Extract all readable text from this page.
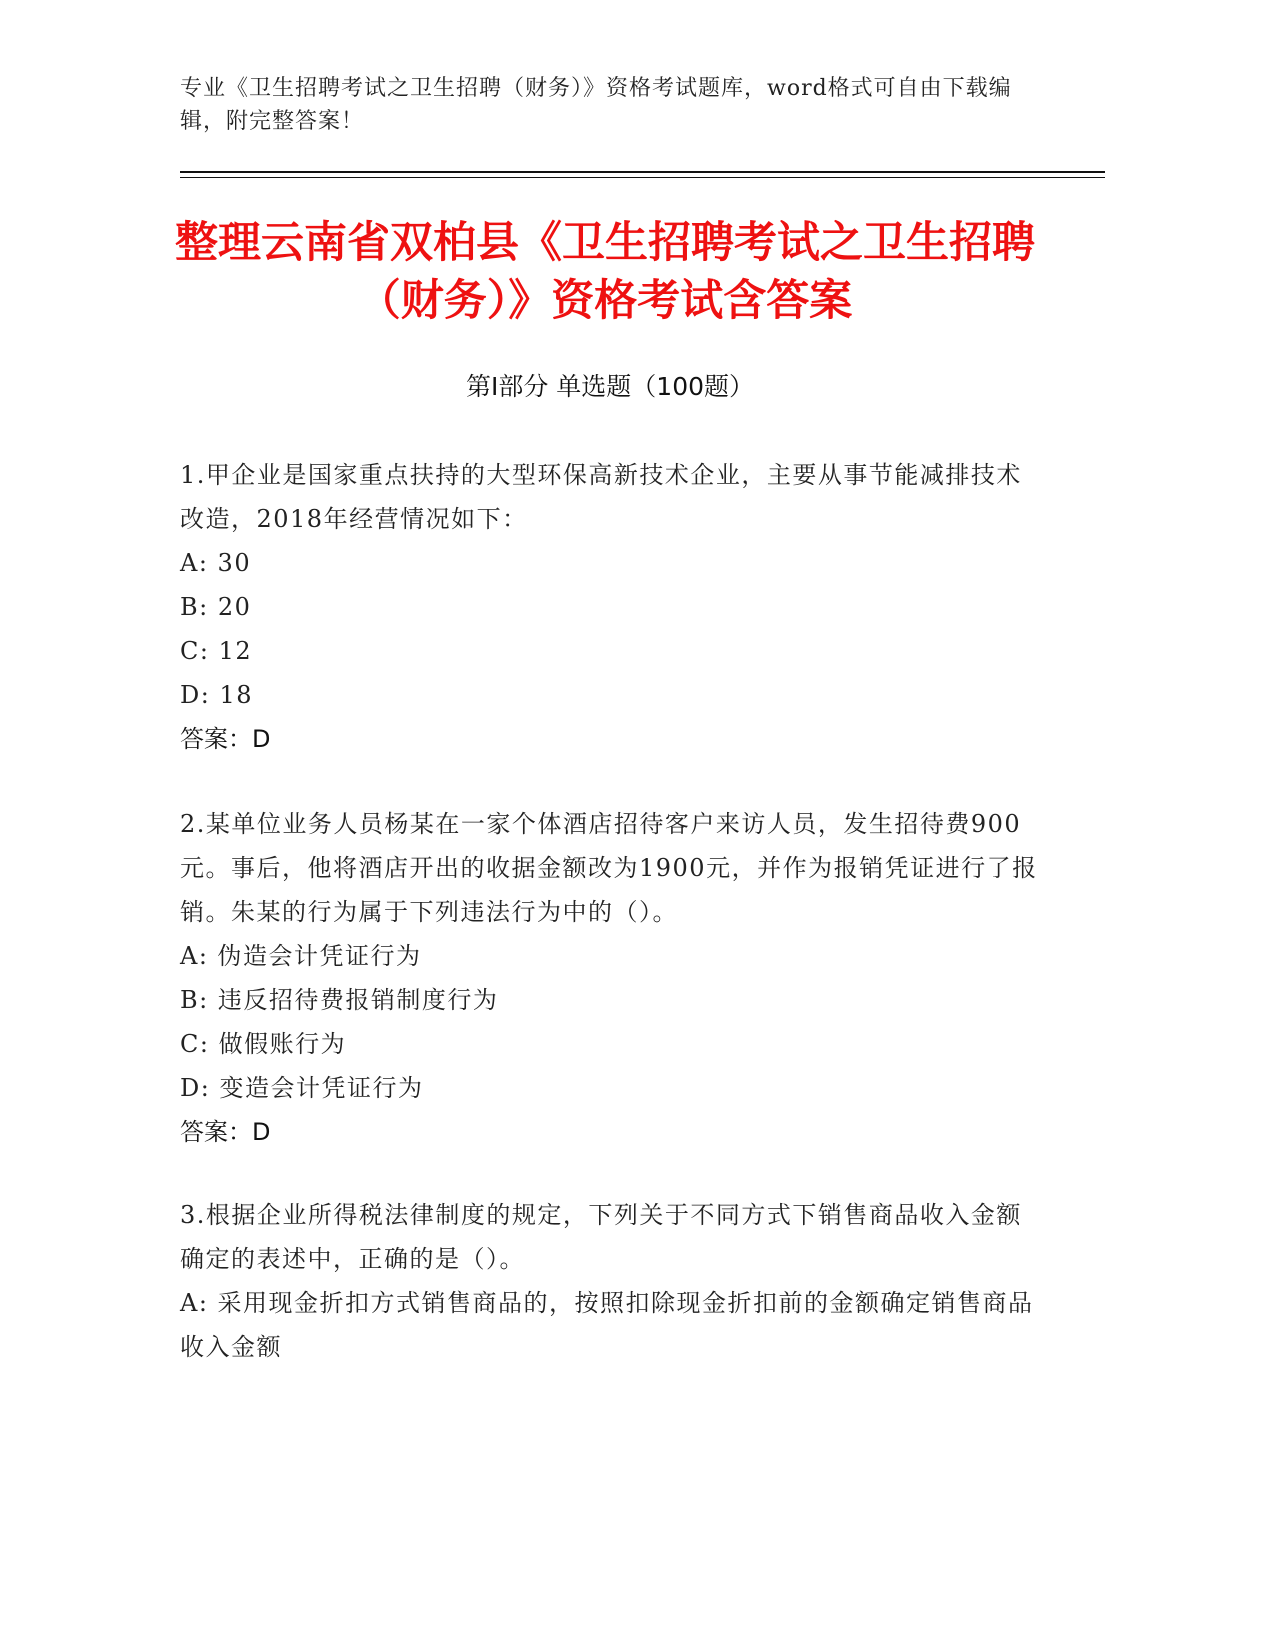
专业《卫生招聘考试之卫生招聘（财务）》资格考试题库，word格式可自由下载编辑，附完整答案！
整理云南省双柏县《卫生招聘考试之卫生招聘（财务）》资格考试含答案
第Ⅰ部分 单选题（100题）

1.甲企业是国家重点扶持的大型环保高新技术企业，主要从事节能减排技术改造，2018年经营情况如下：

A: 30

B: 20

C: 12

D: 18

答案：D

2.某单位业务人员杨某在一家个体酒店招待客户来访人员，发生招待费900元。事后，他将酒店开出的收据金额改为1900元，并作为报销凭证进行了报销。朱某的行为属于下列违法行为中的（）。

A: 伪造会计凭证行为

B: 违反招待费报销制度行为

C: 做假账行为

D: 变造会计凭证行为

答案：D

3.根据企业所得税法律制度的规定，下列关于不同方式下销售商品收入金额确定的表述中，正确的是（）。

A: 采用现金折扣方式销售商品的，按照扣除现金折扣前的金额确定销售商品收入金额
